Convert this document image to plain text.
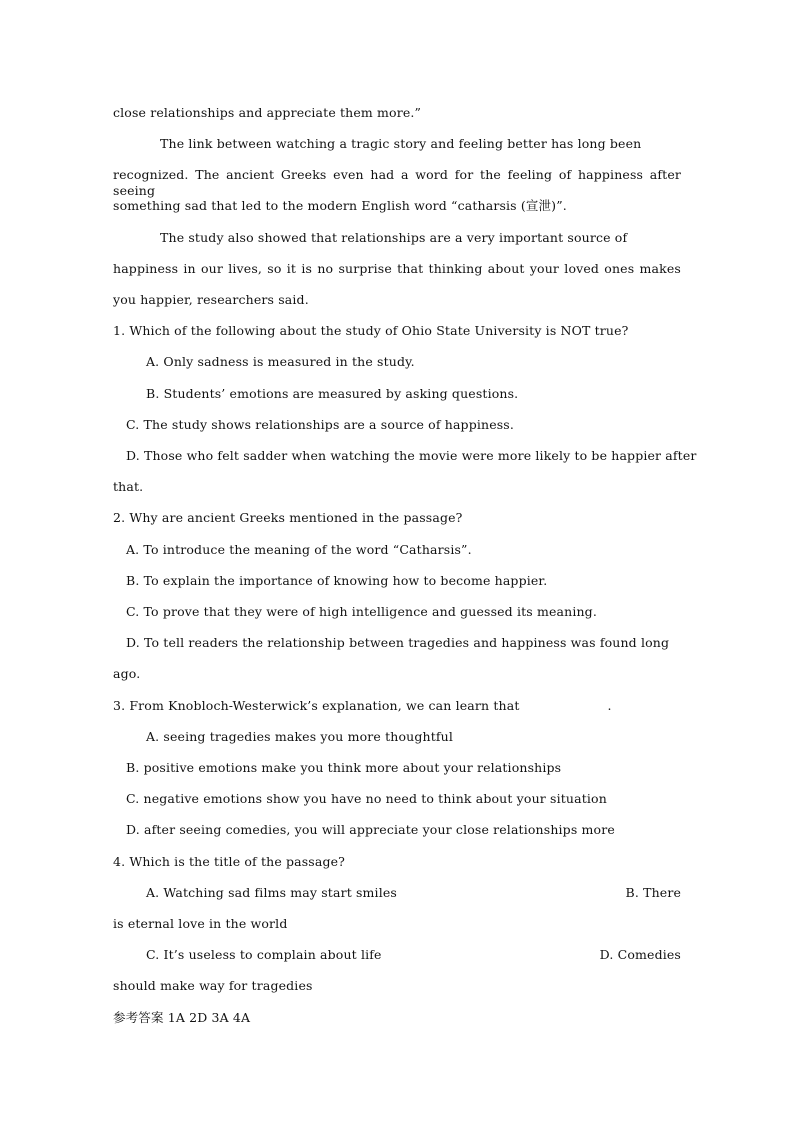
close relationships and appreciate them more.”
The link between watching a tragic story and feeling better has long been
recognized. The ancient Greeks even had a word for the feeling of happiness after seeing
something sad that led to the modern English word “catharsis (宣泄)”.
The study also showed that relationships are a very important source of
happiness in our lives, so it is no surprise that thinking about your loved ones makes
you happier, researchers said.
1. Which of the following about the study of Ohio State University is NOT true?
A. Only sadness is measured in the study.
B. Students’ emotions are measured by asking questions.
C. The study shows relationships are a source of happiness.
D. Those who felt sadder when watching the movie were more likely to be happier after
that.
2. Why are ancient Greeks mentioned in the passage?
A. To introduce the meaning of the word “Catharsis”.
B. To explain the importance of knowing how to become happier.
C. To prove that they were of high intelligence and guessed its meaning.
D. To tell readers the relationship between tragedies and happiness was found long
ago.
3. From Knobloch-Westerwick’s explanation, we can learn that	.
A. seeing tragedies makes you more thoughtful
B. positive emotions make you think more about your relationships
C. negative emotions show you have no need to think about your situation
D. after seeing comedies, you will appreciate your close relationships more
4. Which is the title of the passage?
A. Watching sad films may start smiles	B. There
is eternal love in the world
C. It’s useless to complain about life	D. Comedies
should make way for tragedies
参考答案 1A 2D 3A 4A
